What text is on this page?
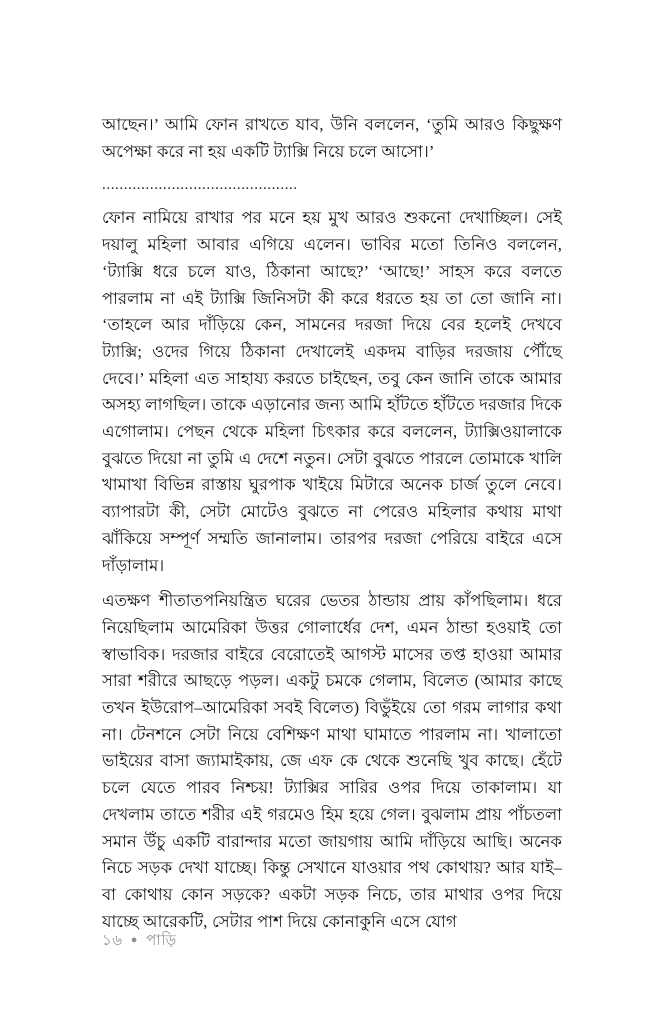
আছেন।’ আমি ফোন রাখতে যাব, উনি বললেন, ‘তুমি আরও কিছুক্ষণ অপেক্ষা করে না হয় একটি ট্যাক্সি নিয়ে চলে আসো।’

.............................................

ফোন নামিয়ে রাখার পর মনে হয় মুখ আরও শুকনো দেখাচ্ছিল। সেই দয়ালু মহিলা আবার এগিয়ে এলেন। ভাবির মতো তিনিও বললেন, ‘ট্যাক্সি ধরে চলে যাও, ঠিকানা আছে?’ ‘আছে!’ সাহস করে বলতে পারলাম না এই ট্যাক্সি জিনিসটা কী করে ধরতে হয় তা তো জানি না। ‘তাহলে আর দাঁড়িয়ে কেন, সামনের দরজা দিয়ে বের হলেই দেখবে ট্যাক্সি; ওদের গিয়ে ঠিকানা দেখালেই একদম বাড়ির দরজায় পৌঁছে দেবে।’ মহিলা এত সাহায্য করতে চাইছেন, তবু কেন জানি তাকে আমার অসহ্য লাগছিল। তাকে এড়ানোর জন্য আমি হাঁটতে হাঁটতে দরজার দিকে এগোলাম। পেছন থেকে মহিলা চিৎকার করে বললেন, ট্যাক্সিওয়ালাকে বুঝতে দিয়ো না তুমি এ দেশে নতুন। সেটা বুঝতে পারলে তোমাকে খালি খামাখা বিভিন্ন রাস্তায় ঘুরপাক খাইয়ে মিটারে অনেক চার্জ তুলে নেবে। ব্যাপারটা কী, সেটা মোটেও বুঝতে না পেরেও মহিলার কথায় মাথা ঝাঁকিয়ে সম্পূর্ণ সম্মতি জানালাম। তারপর দরজা পেরিয়ে বাইরে এসে দাঁড়ালাম।

এতক্ষণ শীতাতপনিয়ন্ত্রিত ঘরের ভেতর ঠান্ডায় প্রায় কাঁপছিলাম। ধরে নিয়েছিলাম আমেরিকা উত্তর গোলার্ধের দেশ, এমন ঠান্ডা হওয়াই তো স্বাভাবিক। দরজার বাইরে বেরোতেই আগস্ট মাসের তপ্ত হাওয়া আমার সারা শরীরে আছড়ে পড়ল। একটু চমকে গেলাম, বিলেত (আমার কাছে তখন ইউরোপ–আমেরিকা সবই বিলেত) বিভুঁইয়ে তো গরম লাগার কথা না। টেনশনে সেটা নিয়ে বেশিক্ষণ মাথা ঘামাতে পারলাম না। খালাতো ভাইয়ের বাসা জ্যামাইকায়, জে এফ কে থেকে শুনেছি খুব কাছে। হেঁটে চলে যেতে পারব নিশ্চয়! ট্যাক্সির সারির ওপর দিয়ে তাকালাম। যা দেখলাম তাতে শরীর এই গরমেও হিম হয়ে গেল। বুঝলাম প্রায় পাঁচতলা সমান উঁচু একটি বারান্দার মতো জায়গায় আমি দাঁড়িয়ে আছি। অনেক নিচে সড়ক দেখা যাচ্ছে। কিন্তু সেখানে যাওয়ার পথ কোথায়? আর যাই–বা কোথায় কোন সড়কে? একটা সড়ক নিচে, তার মাথার ওপর দিয়ে যাচ্ছে আরেকটি, সেটার পাশ দিয়ে কোনাকুনি এসে যোগ

১৬ ● পাড়ি
